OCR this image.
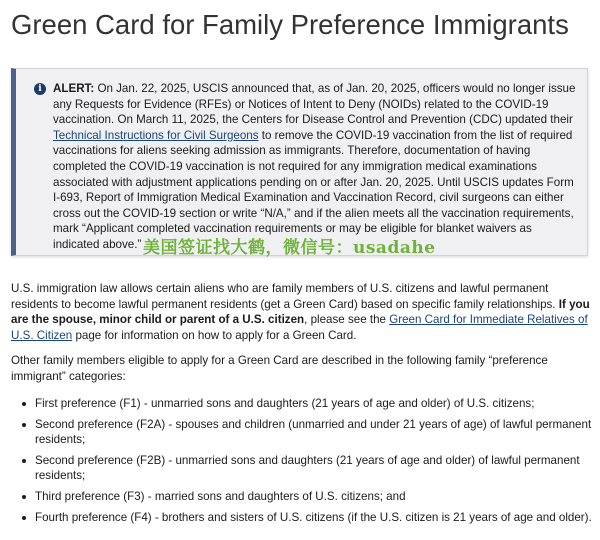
Green Card for Family Preference Immigrants
i ALERT: On Jan. 22, 2025, USCIS announced that, as of Jan. 20, 2025, officers would no longer issue any Requests for Evidence (RFEs) or Notices of Intent to Deny (NOIDs) related to the COVID-19 vaccination. On March 11, 2025, the Centers for Disease Control and Prevention (CDC) updated their Technical Instructions for Civil Surgeons to remove the COVID-19 vaccination from the list of required vaccinations for aliens seeking admission as immigrants. Therefore, documentation of having completed the COVID-19 vaccination is not required for any immigration medical examinations associated with adjustment applications pending on or after Jan. 20, 2025. Until USCIS updates Form I-693, Report of Immigration Medical Examination and Vaccination Record, civil surgeons can either cross out the COVID-19 section or write “N/A,” and if the alien meets all the vaccination requirements, mark “Applicant completed vaccination requirements or may be eligible for blanket waivers as indicated above.” 美国签证找大鹤，微信号：usadahe

U.S. immigration law allows certain aliens who are family members of U.S. citizens and lawful permanent residents to become lawful permanent residents (get a Green Card) based on specific family relationships. If you are the spouse, minor child or parent of a U.S. citizen, please see the Green Card for Immediate Relatives of U.S. Citizen page for information on how to apply for a Green Card.

Other family members eligible to apply for a Green Card are described in the following family “preference immigrant” categories:

First preference (F1) - unmarried sons and daughters (21 years of age and older) of U.S. citizens;
Second preference (F2A) - spouses and children (unmarried and under 21 years of age) of lawful permanent residents;
Second preference (F2B) - unmarried sons and daughters (21 years of age and older) of lawful permanent residents;
Third preference (F3) - married sons and daughters of U.S. citizens; and
Fourth preference (F4) - brothers and sisters of U.S. citizens (if the U.S. citizen is 21 years of age and older).
